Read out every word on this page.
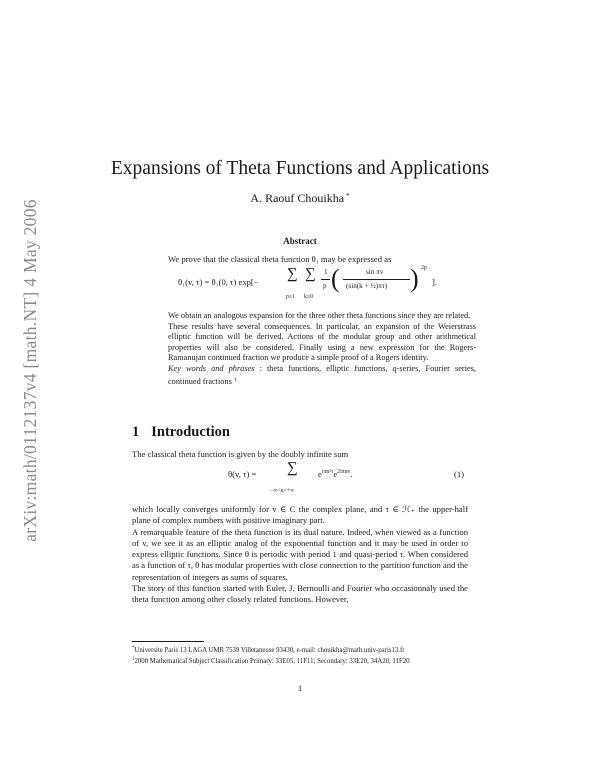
arXiv:math/0112137v4 [math.NT] 4 May 2006
Expansions of Theta Functions and Applications
A. Raouf Chouikha *
Abstract
We prove that the classical theta function θ₁ may be expressed as
θ₁(v, τ) = θ₁(0, τ) exp[− ∑
p≥1
∑
k≥0
1
p (	sin πv
(sin(k + ½)πτ) ) 2p
].

We obtain an analogous expansion for the three other theta functions since they are related.

These results have several consequences. In particular, an expansion of the Weierstrass elliptic function will be derived. Actions of the modular group and other arithmetical properties will also be considered. Finally using a new expression for the Rogers-Ramanujan continued fraction we produce a simple proof of a Rogers identity.

Key words and phrases : theta functions, elliptic functions, q-series, Fourier series, continued fractions $^1$

1 Introduction
The classical theta function is given by the doubly infinite sum
θ(v, τ) = ∑
−∞<n<+∞
$e^{i\pi n^2\tau}e^{2i\pi nv}$.	(1)

which locally converges uniformly for v ∈ C the complex plane, and τ ∈ ℋ₊ the upper-half plane of complex numbers with positive imaginary part.

A remarquable feature of the theta function is its dual nature. Indeed, when viewed as a function of v, we see it as an elliptic analog of the exponential function and it may be used in order to express elliptic functions. Since θ is periodic with period 1 and quasi-period τ. When considered as a function of τ, θ has modular properties with close connection to the partition function and the representation of integers as sums of squares.

The story of this function started with Euler, J. Bernoulli and Fourier who occasionnaly used the theta function among other closely related functions. However,

*Universite Paris 13 LAGA UMR 7539 Villetaneuse 93430, e-mail: chouikha@math.univ-paris13.fr

$^1$2000 Mathematical Subject Classification Primary: 33E05, 11F11; Secondary: 33E20, 34A20, 11F20

1
